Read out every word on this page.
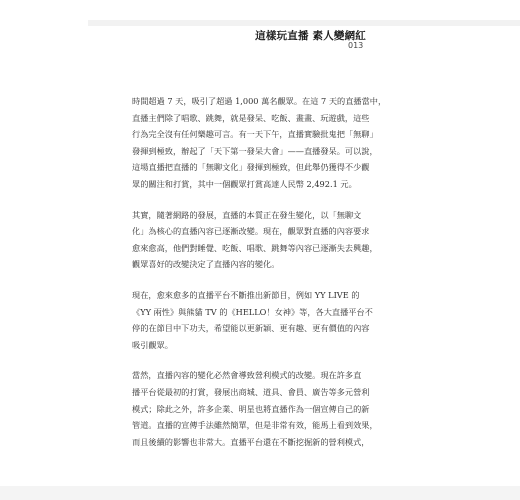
這樣玩直播 素人變網紅
013
時間超過 7 天，吸引了超過 1,000 萬名觀眾。在這 7 天的直播當中，
直播主們除了唱歌、跳舞，就是發呆、吃飯、畫畫、玩遊戲，這些
行為完全沒有任何樂趣可言。有一天下午，直播實驗批鬼把「無聊」
發揮到極致，辦起了「天下第一發呆大會」——直播發呆。可以說，
這場直播把直播的「無聊文化」發揮到極致，但此舉仍獲得不少觀
眾的關注和打賞，其中一個觀眾打賞高達人民幣 2,492.1 元。
其實，隨著網路的發展，直播的本質正在發生變化，以「無聊文
化」為核心的直播內容已逐漸改變。現在，觀眾對直播的內容要求
愈來愈高，他們對睡覺、吃飯、唱歌、跳舞等內容已逐漸失去興趣，
觀眾喜好的改變決定了直播內容的變化。
現在，愈來愈多的直播平台不斷推出新節目，例如 YY LIVE 的
《YY 兩性》與熊貓 TV 的《HELLO！女神》等，各大直播平台不
停的在節目中下功夫，希望能以更新穎、更有趣、更有價值的內容
吸引觀眾。
當然，直播內容的變化必然會導致營利模式的改變。現在許多直
播平台從最初的打賞，發展出商城、道具、會員、廣告等多元營利
模式；除此之外，許多企業、明星也將直播作為一個宣傳自己的新
管道。直播的宣傳手法雖然簡單，但是非常有效，能馬上看到效果，
而且後續的影響也非常大。直播平台還在不斷挖掘新的營利模式，
